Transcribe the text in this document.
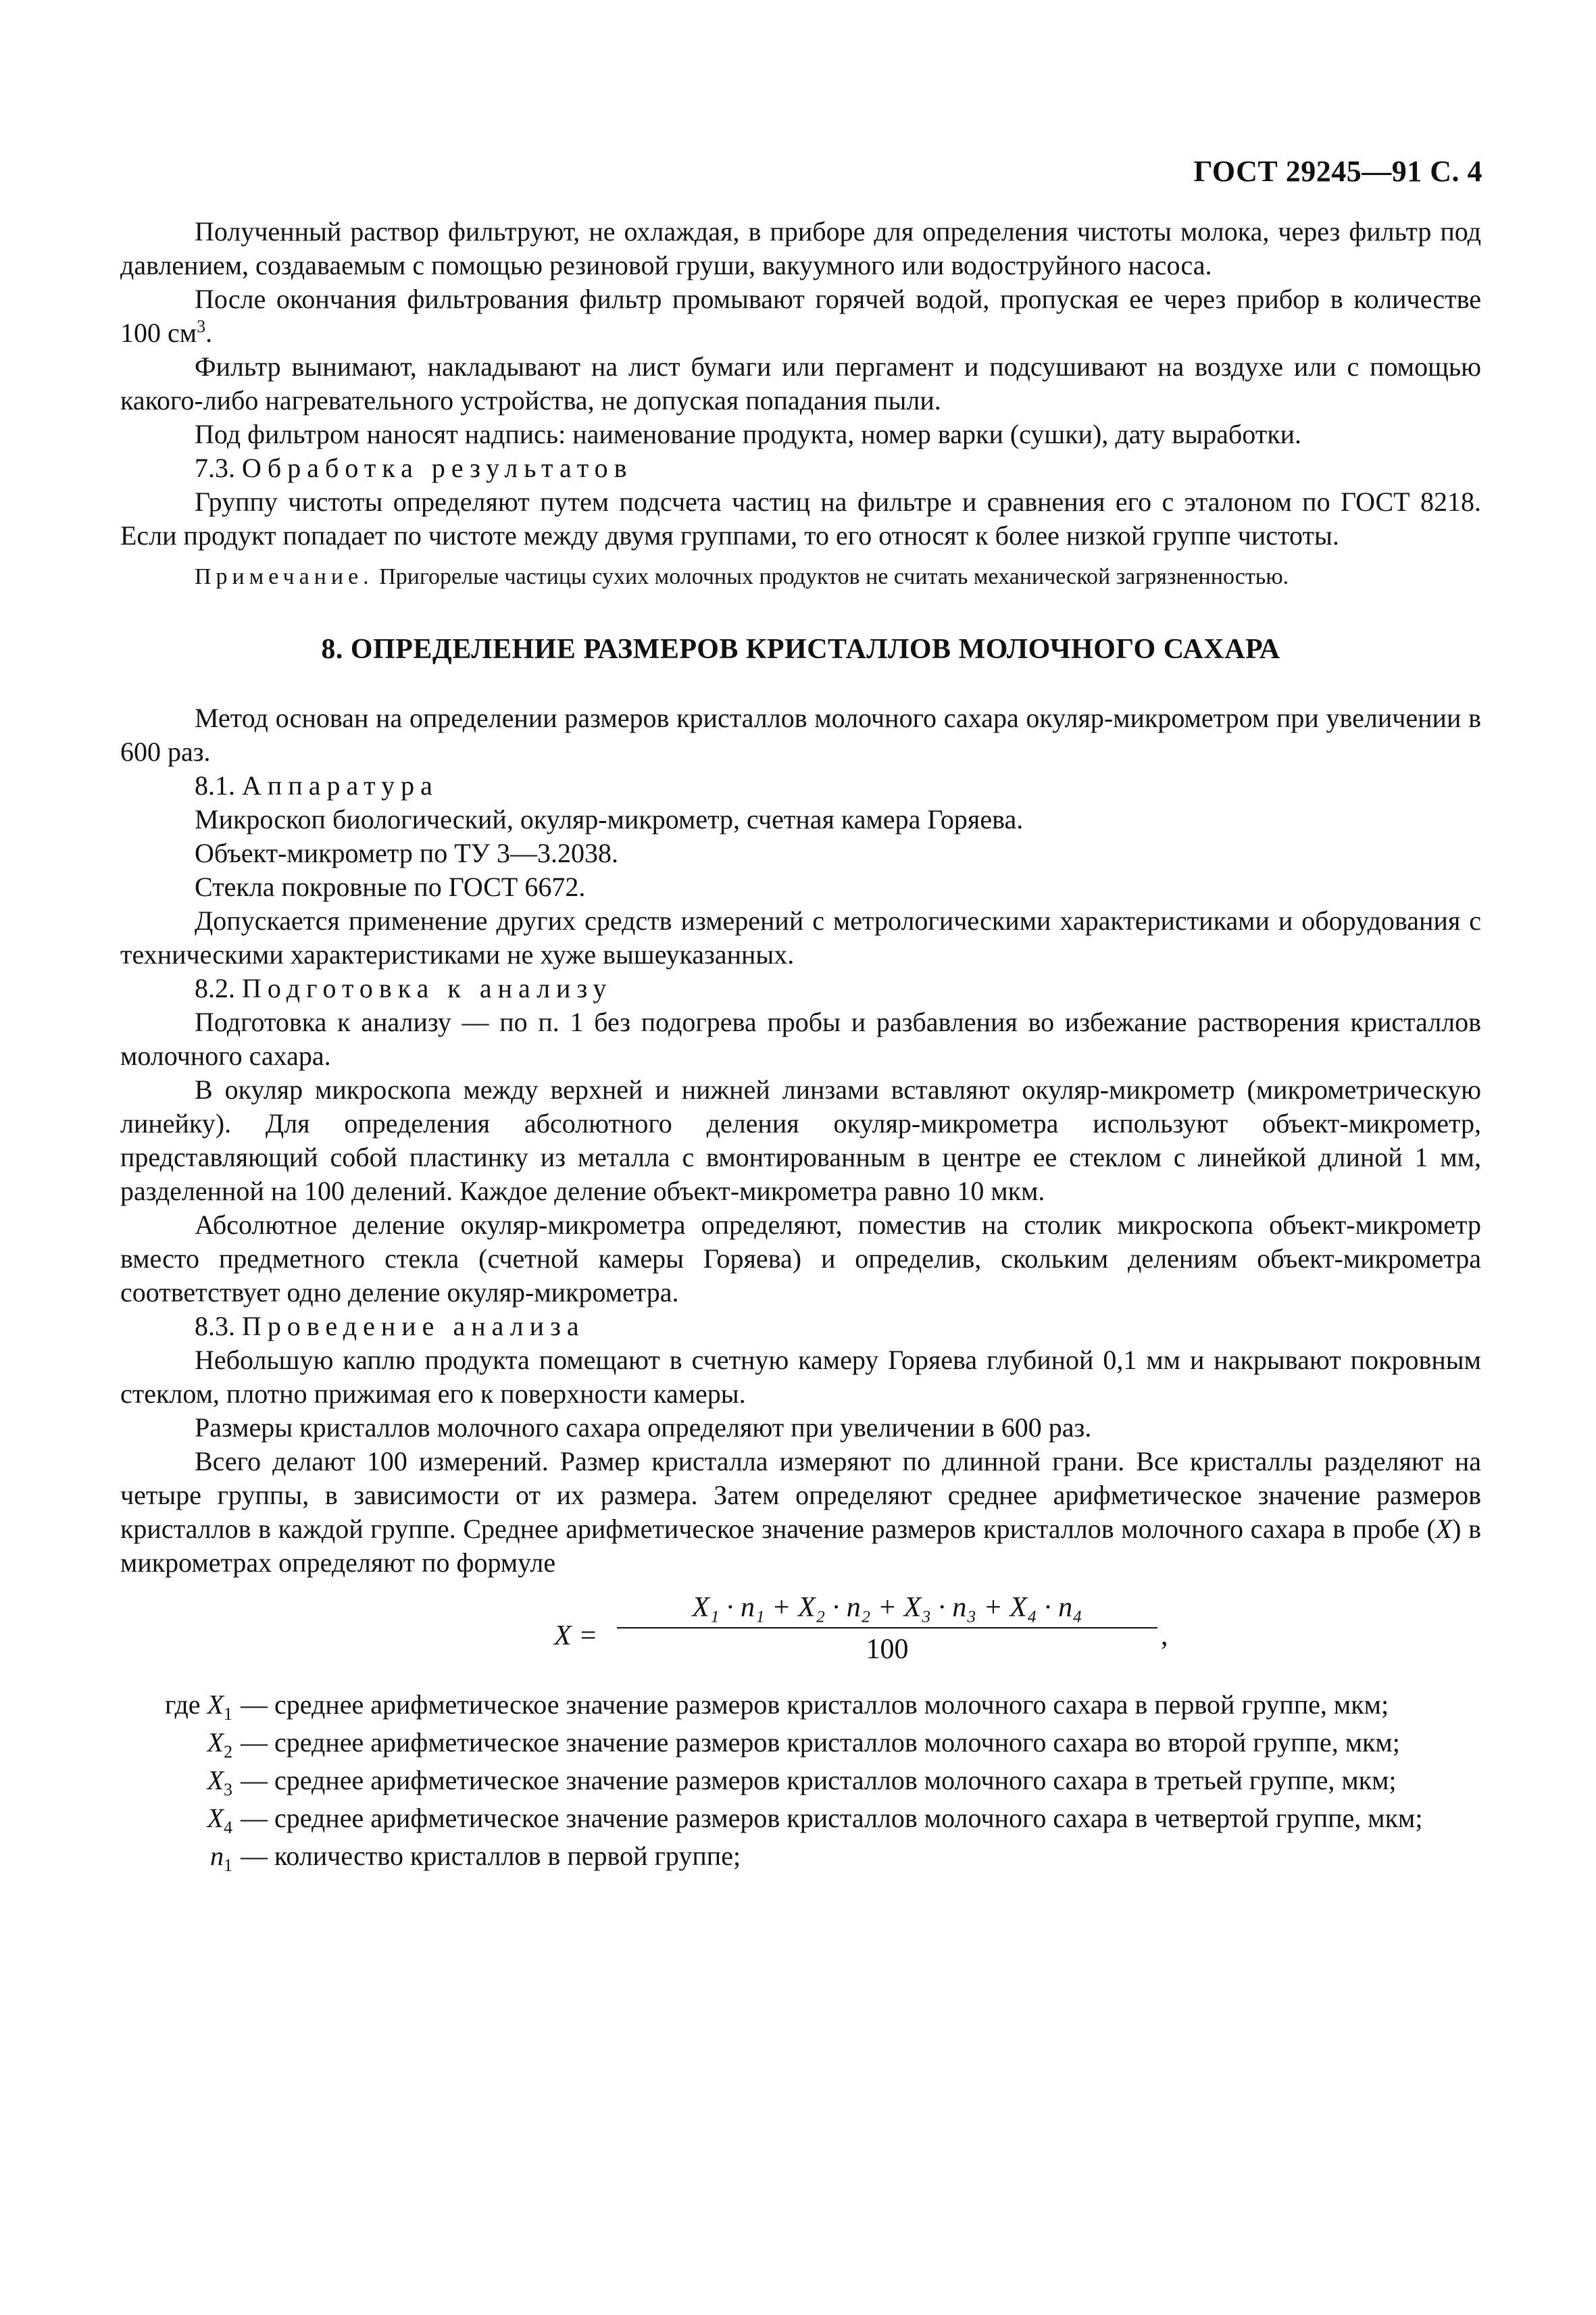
ГОСТ 29245—91 С. 4

Полученный раствор фильтруют, не охлаждая, в приборе для определения чистоты молока, через фильтр под давлением, создаваемым с помощью резиновой груши, вакуумного или водоструйного насоса.

После окончания фильтрования фильтр промывают горячей водой, пропуская ее через прибор в количестве 100 $см^3$.

Фильтр вынимают, накладывают на лист бумаги или пергамент и подсушивают на воздухе или с помощью какого-либо нагревательного устройства, не допуская попадания пыли.

Под фильтром наносят надпись: наименование продукта, номер варки (сушки), дату выработки.

7.3. Обработка результатов

Группу чистоты определяют путем подсчета частиц на фильтре и сравнения его с эталоном по ГОСТ 8218. Если продукт попадает по чистоте между двумя группами, то его относят к более низкой группе чистоты.

Примечание. Пригорелые частицы сухих молочных продуктов не считать механической загрязненностью.

8. ОПРЕДЕЛЕНИЕ РАЗМЕРОВ КРИСТАЛЛОВ МОЛОЧНОГО САХАРА

Метод основан на определении размеров кристаллов молочного сахара окуляр-микрометром при увеличении в 600 раз.

8.1. Аппаратура

Микроскоп биологический, окуляр-микрометр, счетная камера Горяева.

Объект-микрометр по ТУ 3—3.2038.

Стекла покровные по ГОСТ 6672.

Допускается применение других средств измерений с метрологическими характеристиками и оборудования с техническими характеристиками не хуже вышеуказанных.

8.2. Подготовка к анализу

Подготовка к анализу — по п. 1 без подогрева пробы и разбавления во избежание растворения кристаллов молочного сахара.

В окуляр микроскопа между верхней и нижней линзами вставляют окуляр-микрометр (микрометрическую линейку). Для определения абсолютного деления окуляр-микрометра используют объект-микрометр, представляющий собой пластинку из металла с вмонтированным в центре ее стеклом с линейкой длиной 1 мм, разделенной на 100 делений. Каждое деление объект-микрометра равно 10 мкм.

Абсолютное деление окуляр-микрометра определяют, поместив на столик микроскопа объект-микрометр вместо предметного стекла (счетной камеры Горяева) и определив, скольким делениям объект-микрометра соответствует одно деление окуляр-микрометра.

8.3. Проведение анализа

Небольшую каплю продукта помещают в счетную камеру Горяева глубиной 0,1 мм и накрывают покровным стеклом, плотно прижимая его к поверхности камеры.

Размеры кристаллов молочного сахара определяют при увеличении в 600 раз.

Всего делают 100 измерений. Размер кристалла измеряют по длинной грани. Все кристаллы разделяют на четыре группы, в зависимости от их размера. Затем определяют среднее арифметическое значение размеров кристаллов в каждой группе. Среднее арифметическое значение размеров кристаллов молочного сахара в пробе (X) в микрометрах определяют по формуле

$X = \frac{\text{X₁ · n₁ + X₂ · n₂ + X₃ · n₃ + X₄ · n₄}}{100}$ ,
где $X_1$ — среднее арифметическое значение размеров кристаллов молочного сахара в первой группе, мкм;
$X_2$ — среднее арифметическое значение размеров кристаллов молочного сахара во второй группе, мкм;
$X_3$ — среднее арифметическое значение размеров кристаллов молочного сахара в третьей группе, мкм;
$X_4$ — среднее арифметическое значение размеров кристаллов молочного сахара в четвертой группе, мкм;
$n_1$ — количество кристаллов в первой группе;
